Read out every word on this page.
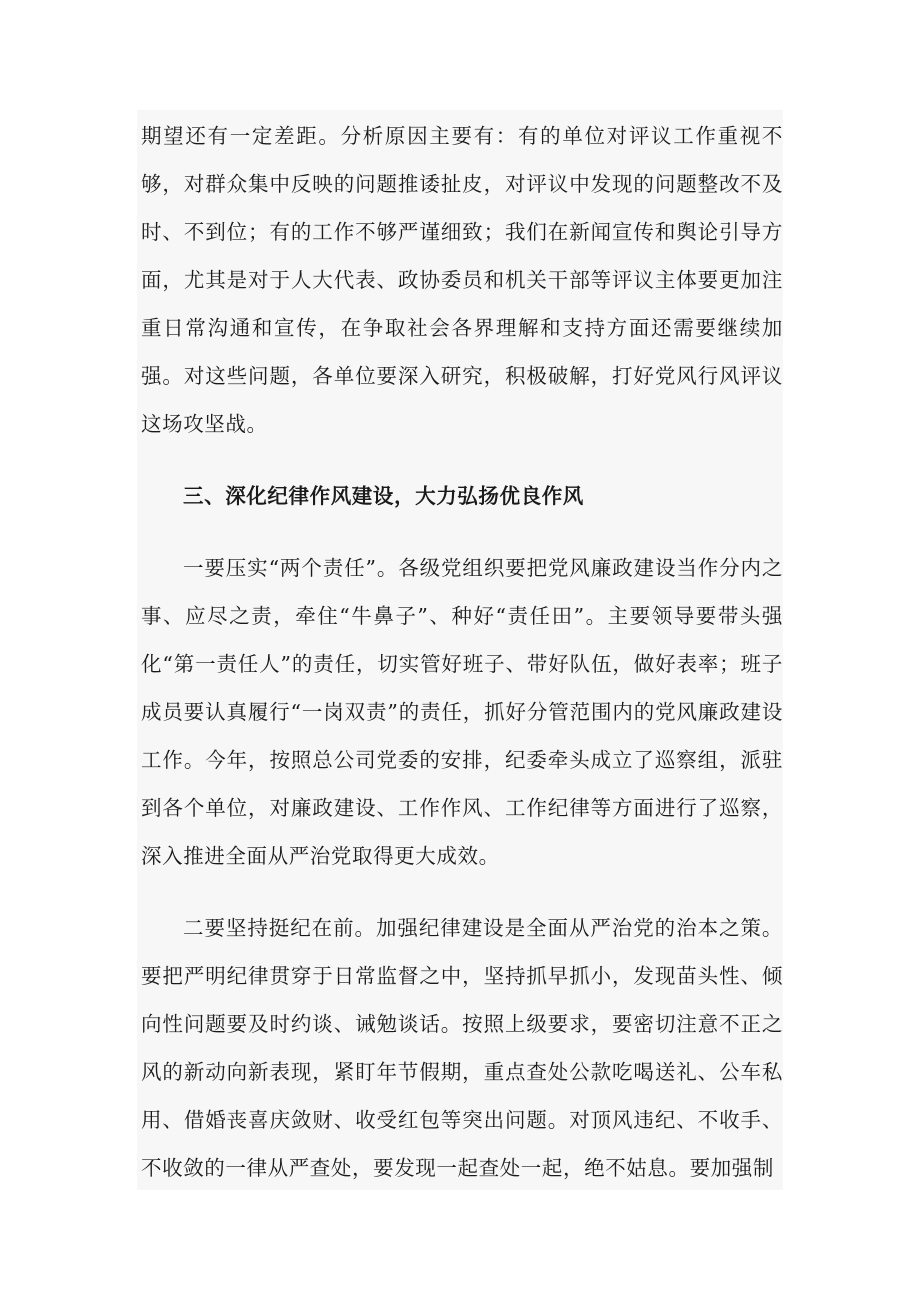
期望还有一定差距。分析原因主要有：有的单位对评议工作重视不够，对群众集中反映的问题推诿扯皮，对评议中发现的问题整改不及时、不到位；有的工作不够严谨细致；我们在新闻宣传和舆论引导方面，尤其是对于人大代表、政协委员和机关干部等评议主体要更加注重日常沟通和宣传，在争取社会各界理解和支持方面还需要继续加强。对这些问题，各单位要深入研究，积极破解，打好党风行风评议这场攻坚战。

三、深化纪律作风建设，大力弘扬优良作风

一要压实“两个责任”。各级党组织要把党风廉政建设当作分内之事、应尽之责，牵住“牛鼻子”、种好“责任田”。主要领导要带头强化“第一责任人”的责任，切实管好班子、带好队伍，做好表率；班子成员要认真履行“一岗双责”的责任，抓好分管范围内的党风廉政建设工作。今年，按照总公司党委的安排，纪委牵头成立了巡察组，派驻到各个单位，对廉政建设、工作作风、工作纪律等方面进行了巡察，深入推进全面从严治党取得更大成效。

二要坚持挺纪在前。加强纪律建设是全面从严治党的治本之策。要把严明纪律贯穿于日常监督之中，坚持抓早抓小，发现苗头性、倾向性问题要及时约谈、诫勉谈话。按照上级要求，要密切注意不正之风的新动向新表现，紧盯年节假期，重点查处公款吃喝送礼、公车私用、借婚丧喜庆敛财、收受红包等突出问题。对顶风违纪、不收手、不收敛的一律从严查处，要发现一起查处一起，绝不姑息。要加强制
